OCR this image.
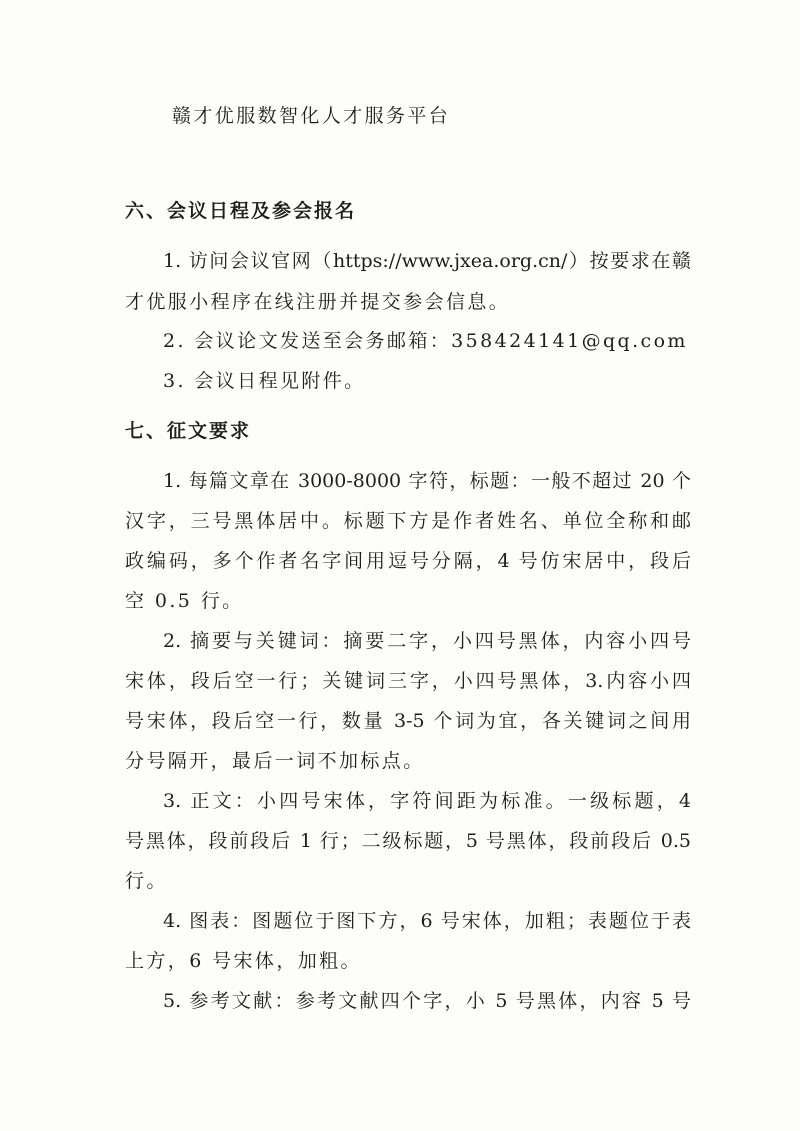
赣才优服数智化人才服务平台
六、会议日程及参会报名
1. 访问会议官网（https://www.jxea.org.cn/）按要求在赣
才优服小程序在线注册并提交参会信息。
2. 会议论文发送至会务邮箱：358424141@qq.com
3. 会议日程见附件。
七、征文要求
1. 每篇文章在 3000-8000 字符，标题：一般不超过 20 个
汉字，三号黑体居中。标题下方是作者姓名、单位全称和邮
政编码，多个作者名字间用逗号分隔，4 号仿宋居中，段后
空 0.5 行。
2. 摘要与关键词：摘要二字，小四号黑体，内容小四号
宋体，段后空一行；关键词三字，小四号黑体，3.内容小四
号宋体，段后空一行，数量 3-5 个词为宜，各关键词之间用
分号隔开，最后一词不加标点。
3. 正文：小四号宋体，字符间距为标准。一级标题，4
号黑体，段前段后 1 行；二级标题，5 号黑体，段前段后 0.5
行。
4. 图表：图题位于图下方，6 号宋体，加粗；表题位于表
上方，6 号宋体，加粗。
5. 参考文献：参考文献四个字，小 5 号黑体，内容 5 号
